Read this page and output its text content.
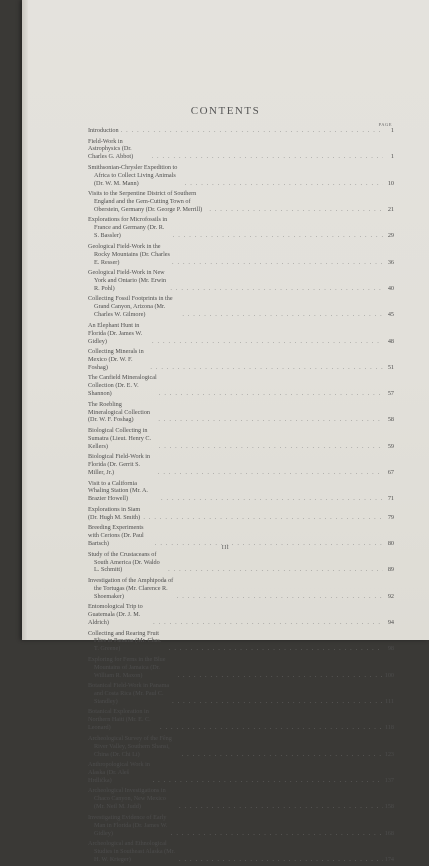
CONTENTS
PAGE
Introduction . . .	1
Field-Work in Astrophysics (Dr. Charles G. Abbot) . . .	1
Smithsonian-Chrysler Expedition to Africa to Collect Living Animals (Dr. W. M. Mann) . . .	10
Visits to the Serpentine District of Southern England and the Gem-Cutting Town of Oberstein, Germany (Dr. George P. Merrill) . . .	21
Explorations for Microfossils in France and Germany (Dr. R. S. Bassler) . . .	29
Geological Field-Work in the Rocky Mountains (Dr. Charles E. Resser) . . .	36
Geological Field-Work in New York and Ontario (Mr. Erwin R. Pohl) . . .	40
Collecting Fossil Footprints in the Grand Canyon, Arizona (Mr. Charles W. Gilmore) . . .	45
An Elephant Hunt in Florida (Dr. James W. Gidley) . . .	48
Collecting Minerals in Mexico (Dr. W. F. Foshag) . . .	51
The Canfield Mineralogical Collection (Dr. E. V. Shannon) . . .	57
The Roebling Mineralogical Collection (Dr. W. F. Foshag) . . .	58
Biological Collecting in Sumatra (Lieut. Henry C. Kellers) . . .	59
Biological Field-Work in Florida (Dr. Gerrit S. Miller, Jr.) . . .	67
Visit to a California Whaling Station (Mr. A. Brazier Howell) . . .	71
Explorations in Siam (Dr. Hugh M. Smith) . . .	79
Breeding Experiments with Cerions (Dr. Paul Bartsch) . . .	80
Study of the Crustaceans of South America (Dr. Waldo L. Schmitt) . . .	89
Investigation of the Amphipoda of the Tortugas (Mr. Clarence R. Shoemaker) . . .	92
Entomological Trip to Guatemala (Dr. J. M. Aldrich) . . .	94
Collecting and Rearing Fruit Flies in Panama (Mr. Chas. T. Greene) . . .	98
Exploring for Ferns in the Blue Mountains of Jamaica (Dr. William R. Maxon) . . .	100
Botanical Field-Work in Panama and Costa Rica (Mr. Paul C. Standley) . . .	111
Botanical Exploration in Northern Haiti (Mr. E. C. Leonard) . . .	118
Archeological Survey of the Fêng River Valley, Southern Shansi, China (Dr. Chi Li) . . .	123
Anthropological Work in Alaska (Dr. Aleš Hrdlička) . . .	137
Archeological Investigations in Chaco Canyon, New Mexico (Mr. Neil M. Judd) . . .	158
Investigating Evidence of Early Man in Florida (Dr. James W. Gidley) . . .	168
Archeological and Ethnological Studies in Southeast Alaska (Mr. H. W. Krieger) . . .	174
III
